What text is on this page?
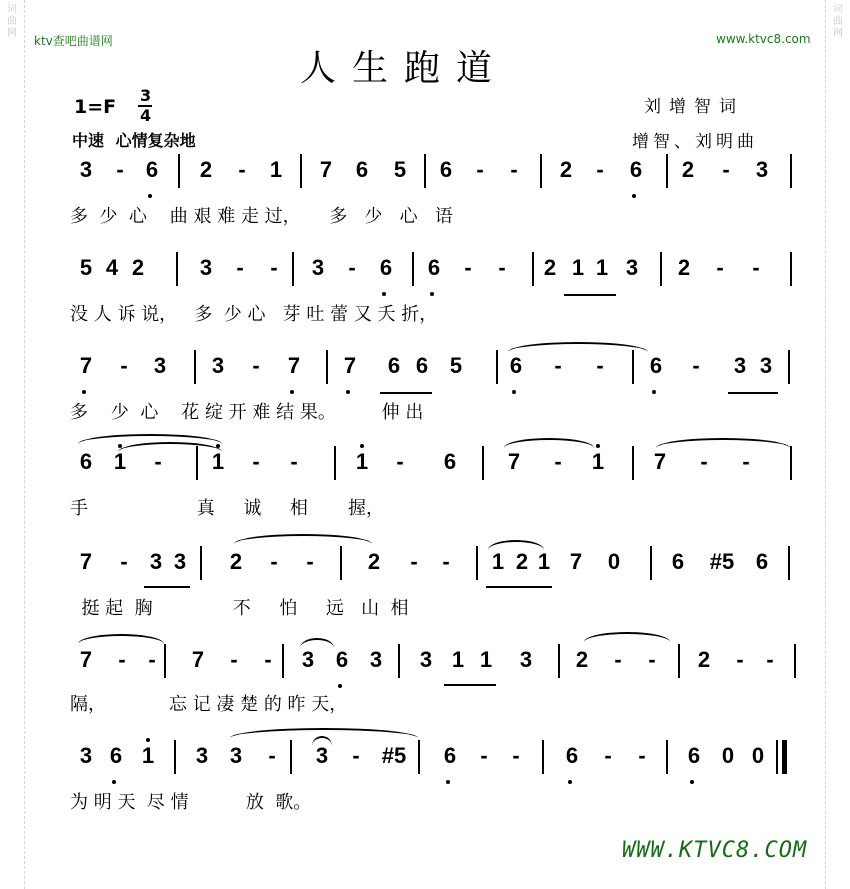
词
曲
网
词
曲
网
ktv查吧曲谱网	www.ktvc8.com
人生跑道
1=F
3
4
中速 心情复杂地
刘增智词
增智、刘明曲
3 - 6 2 - 1 7 6 5 6 - - 2 - 6 2 - 3
多  少  心    曲 艰 难 走 过，     多   少   心   语
5 4 2	3 - - 3 - 6 6 - - 2 1 1 3 2 - -
没 人 诉 说，   多  少 心   芽 吐 蕾 又 夭 折，
7 - 3 3 - 7 7 6 6 5 6 - - 6 - 3 3
多    少  心    花 绽 开 难 结 果。        伸 出
6 1 - 1 - -	1 - 6 7 - 1 7 - -
手                   真     诚     相       握，
7 - 3 3 2 - - 2 - - 1 2 1 7 0 6 #5 6
挺 起  胸              不     怕     远   山  相
7 - - 7 - - 3 6 3 3 1 1 3 2 - - 2 - -
隔，           忘 记 凄 楚 的 昨 天，
3 6 1 3 3 - 3 - #5 6 - - 6 - - 6 0 0
为 明 天  尽 情          放  歌。
WWW.KTVC8.COM
